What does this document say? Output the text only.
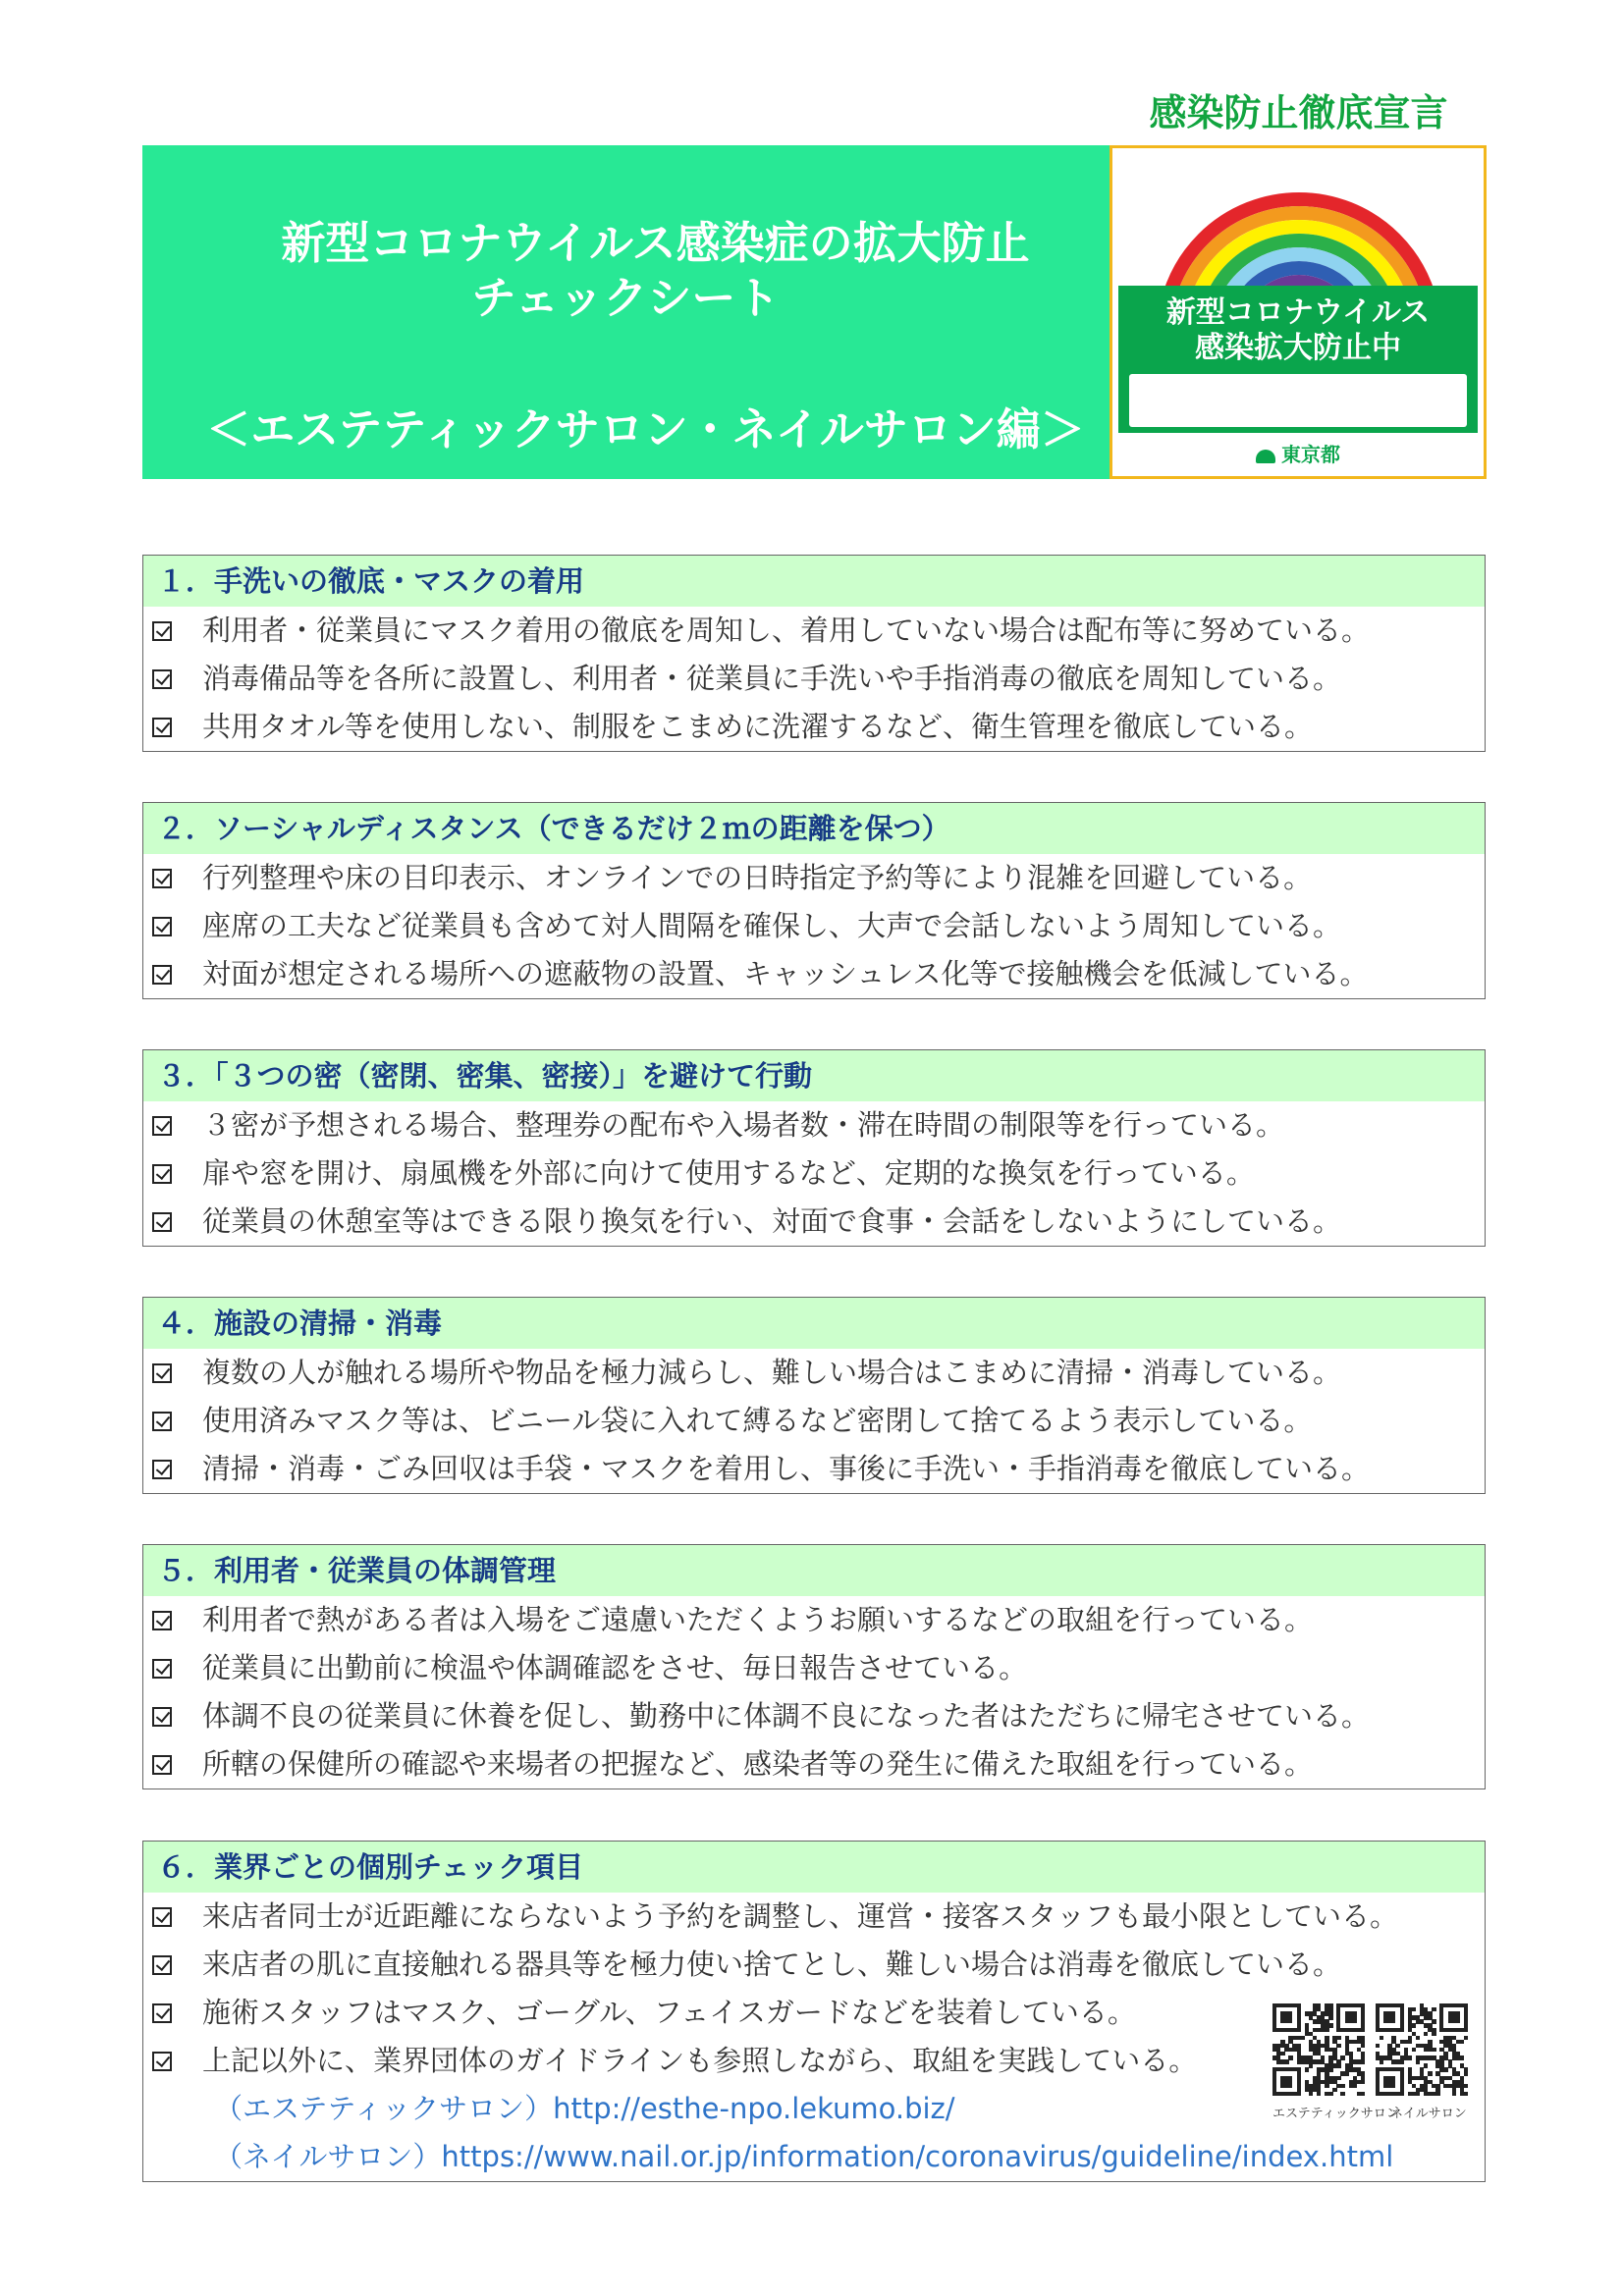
感染防止徹底宣言
新型コロナウイルス感染症の拡大防止
チェックシート
＜エステティックサロン・ネイルサロン編＞
新型コロナウイルス
感染拡大防止中
東京都
１．手洗いの徹底・マスクの着用
利用者・従業員にマスク着用の徹底を周知し、着用していない場合は配布等に努めている。
消毒備品等を各所に設置し、利用者・従業員に手洗いや手指消毒の徹底を周知している。
共用タオル等を使用しない、制服をこまめに洗濯するなど、衛生管理を徹底している。
２．ソーシャルディスタンス（できるだけ２ｍの距離を保つ）
行列整理や床の目印表示、オンラインでの日時指定予約等により混雑を回避している。
座席の工夫など従業員も含めて対人間隔を確保し、大声で会話しないよう周知している。
対面が想定される場所への遮蔽物の設置、キャッシュレス化等で接触機会を低減している。
３．「３つの密（密閉、密集、密接）」を避けて行動
３密が予想される場合、整理券の配布や入場者数・滞在時間の制限等を行っている。
扉や窓を開け、扇風機を外部に向けて使用するなど、定期的な換気を行っている。
従業員の休憩室等はできる限り換気を行い、対面で食事・会話をしないようにしている。
４．施設の清掃・消毒
複数の人が触れる場所や物品を極力減らし、難しい場合はこまめに清掃・消毒している。
使用済みマスク等は、ビニール袋に入れて縛るなど密閉して捨てるよう表示している。
清掃・消毒・ごみ回収は手袋・マスクを着用し、事後に手洗い・手指消毒を徹底している。
５．利用者・従業員の体調管理
利用者で熱がある者は入場をご遠慮いただくようお願いするなどの取組を行っている。
従業員に出勤前に検温や体調確認をさせ、毎日報告させている。
体調不良の従業員に休養を促し、勤務中に体調不良になった者はただちに帰宅させている。
所轄の保健所の確認や来場者の把握など、感染者等の発生に備えた取組を行っている。
６．業界ごとの個別チェック項目
来店者同士が近距離にならないよう予約を調整し、運営・接客スタッフも最小限としている。
来店者の肌に直接触れる器具等を極力使い捨てとし、難しい場合は消毒を徹底している。
施術スタッフはマスク、ゴーグル、フェイスガードなどを装着している。
上記以外に、業界団体のガイドラインも参照しながら、取組を実践している。
（エステティックサロン）http://esthe-npo.lekumo.biz/
（ネイルサロン）https://www.nail.or.jp/information/coronavirus/guideline/index.html
エステティックサロン
ネイルサロン
